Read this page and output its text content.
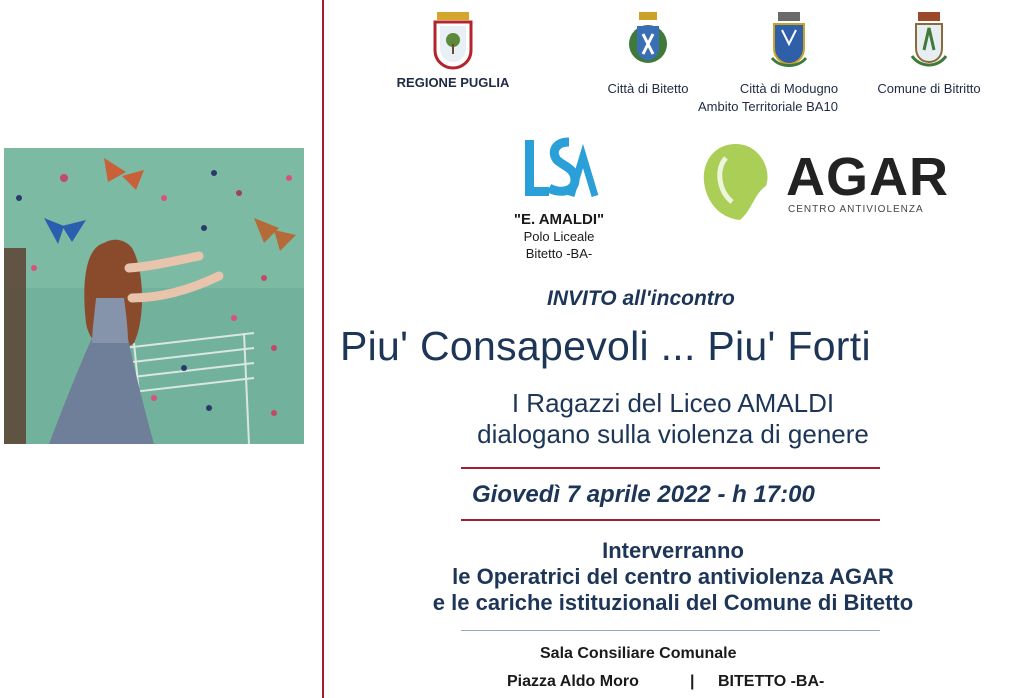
REGIONE PUGLIA	Città di Bitetto	Città di Modugno	Comune di Bitritto
Ambito Territoriale BA10
"E. AMALDI"
Polo Liceale
Bitetto -BA-
AGAR
CENTRO ANTIVIOLENZA
INVITO all'incontro
Piu' Consapevoli ... Piu' Forti
I Ragazzi del Liceo AMALDI
dialogano sulla violenza di genere
Giovedì 7 aprile 2022 - h 17:00
Interverranno
le Operatrici del centro antiviolenza AGAR
e le cariche istituzionali del Comune di Bitetto
Sala Consiliare Comunale
Piazza Aldo Moro	| BITETTO -BA-
